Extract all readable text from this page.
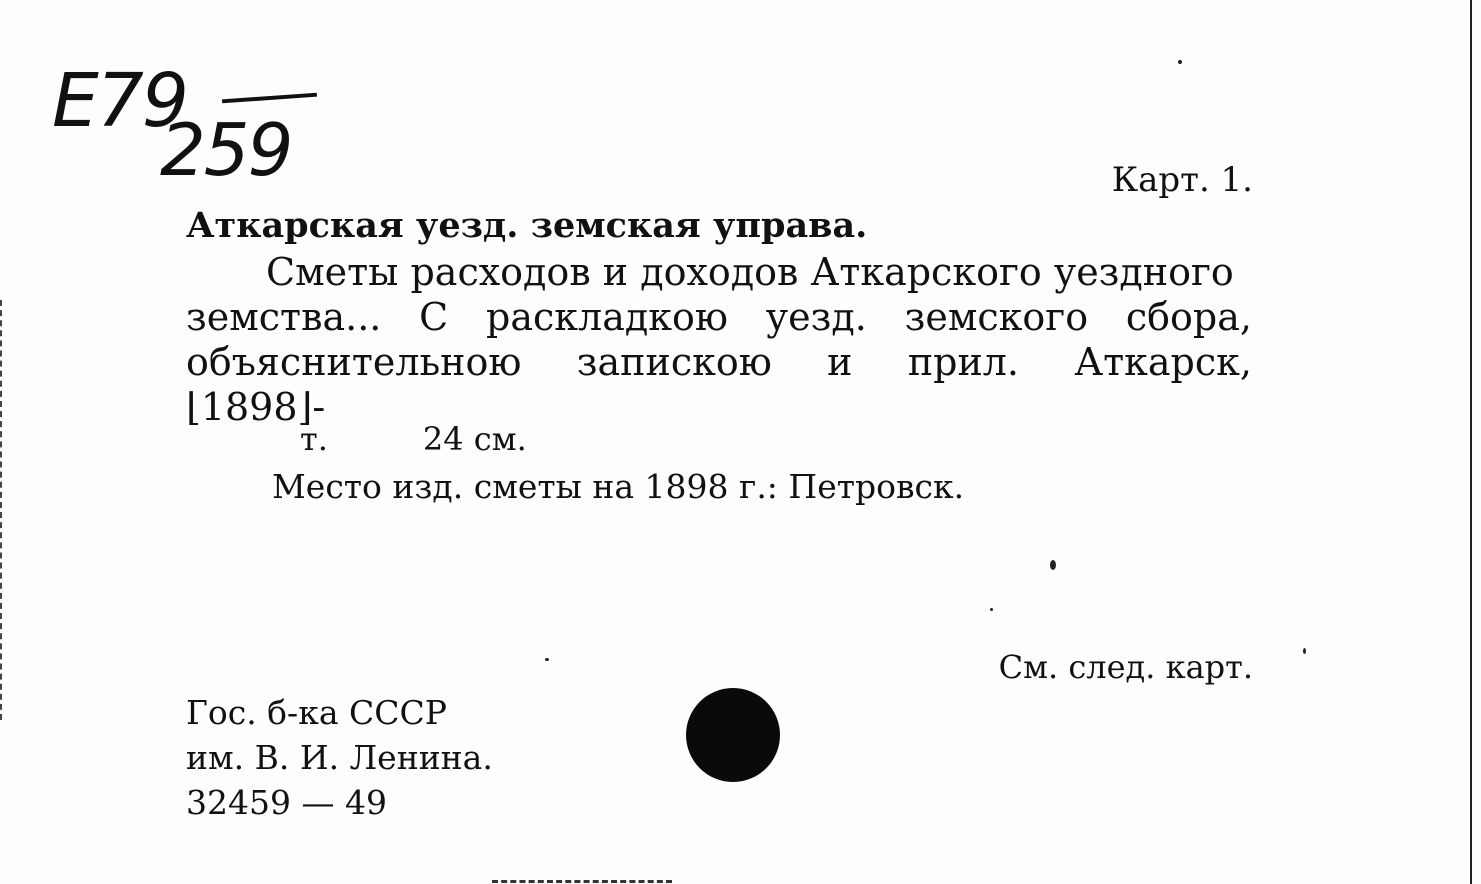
E79
259	Карт. 1.
Аткарская уезд. земская управа.
Сметы расходов и доходов Аткарского уездного
земства... С раскладкою уезд. земского сбора,
объяснительною запискою и прил. Аткарск,
⌊1898⌋-
т.	24 см.
Место изд. сметы на 1898 г.: Петровск.
См. след. карт.
Гос. б-ка СССР
им. В. И. Ленина.
32459 — 49
